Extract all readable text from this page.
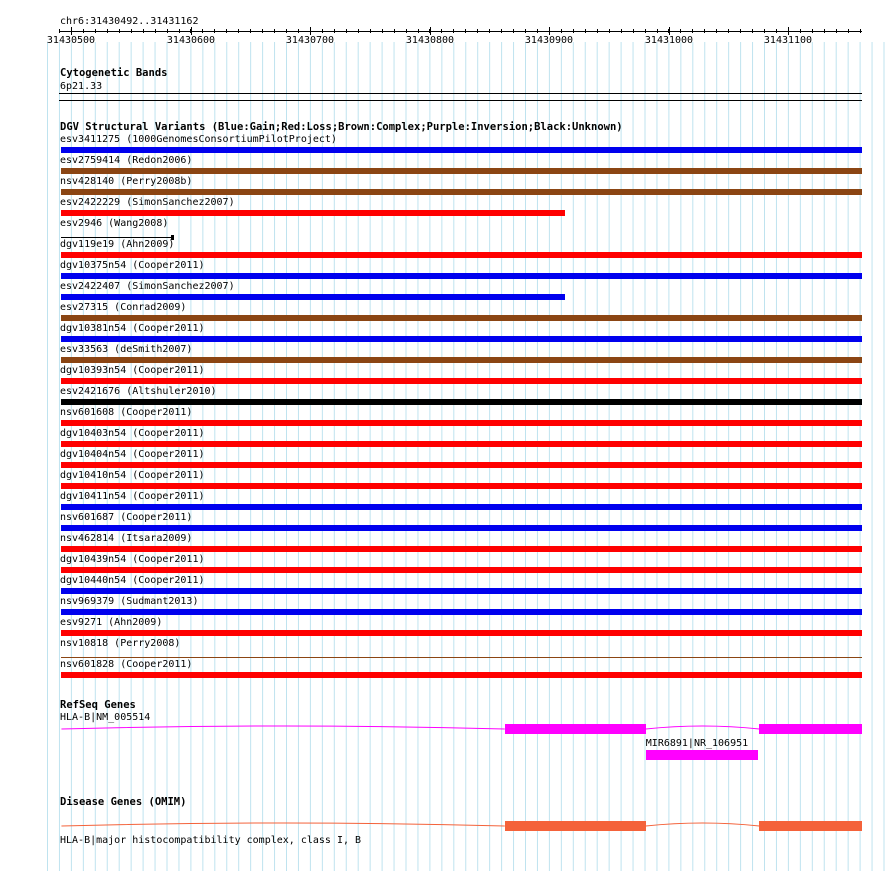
chr6:31430492..31431162
31430500	31430600	31430700	31430800	31430900	31431000	31431100
Cytogenetic Bands
6p21.33
DGV Structural Variants (Blue:Gain;Red:Loss;Brown:Complex;Purple:Inversion;Black:Unknown)
esv3411275 (1000GenomesConsortiumPilotProject)
esv2759414 (Redon2006)
nsv428140 (Perry2008b)
esv2422229 (SimonSanchez2007)
esv2946 (Wang2008)
dgv119e19 (Ahn2009)
dgv10375n54 (Cooper2011)
esv2422407 (SimonSanchez2007)
esv27315 (Conrad2009)
dgv10381n54 (Cooper2011)
esv33563 (deSmith2007)
dgv10393n54 (Cooper2011)
esv2421676 (Altshuler2010)
nsv601608 (Cooper2011)
dgv10403n54 (Cooper2011)
dgv10404n54 (Cooper2011)
dgv10410n54 (Cooper2011)
dgv10411n54 (Cooper2011)
nsv601687 (Cooper2011)
nsv462814 (Itsara2009)
dgv10439n54 (Cooper2011)
dgv10440n54 (Cooper2011)
nsv969379 (Sudmant2013)
esv9271 (Ahn2009)
nsv10818 (Perry2008)
nsv601828 (Cooper2011)
RefSeq Genes
HLA-B|NM_005514
MIR6891|NR_106951
Disease Genes (OMIM)
HLA-B|major histocompatibility complex, class I, B
